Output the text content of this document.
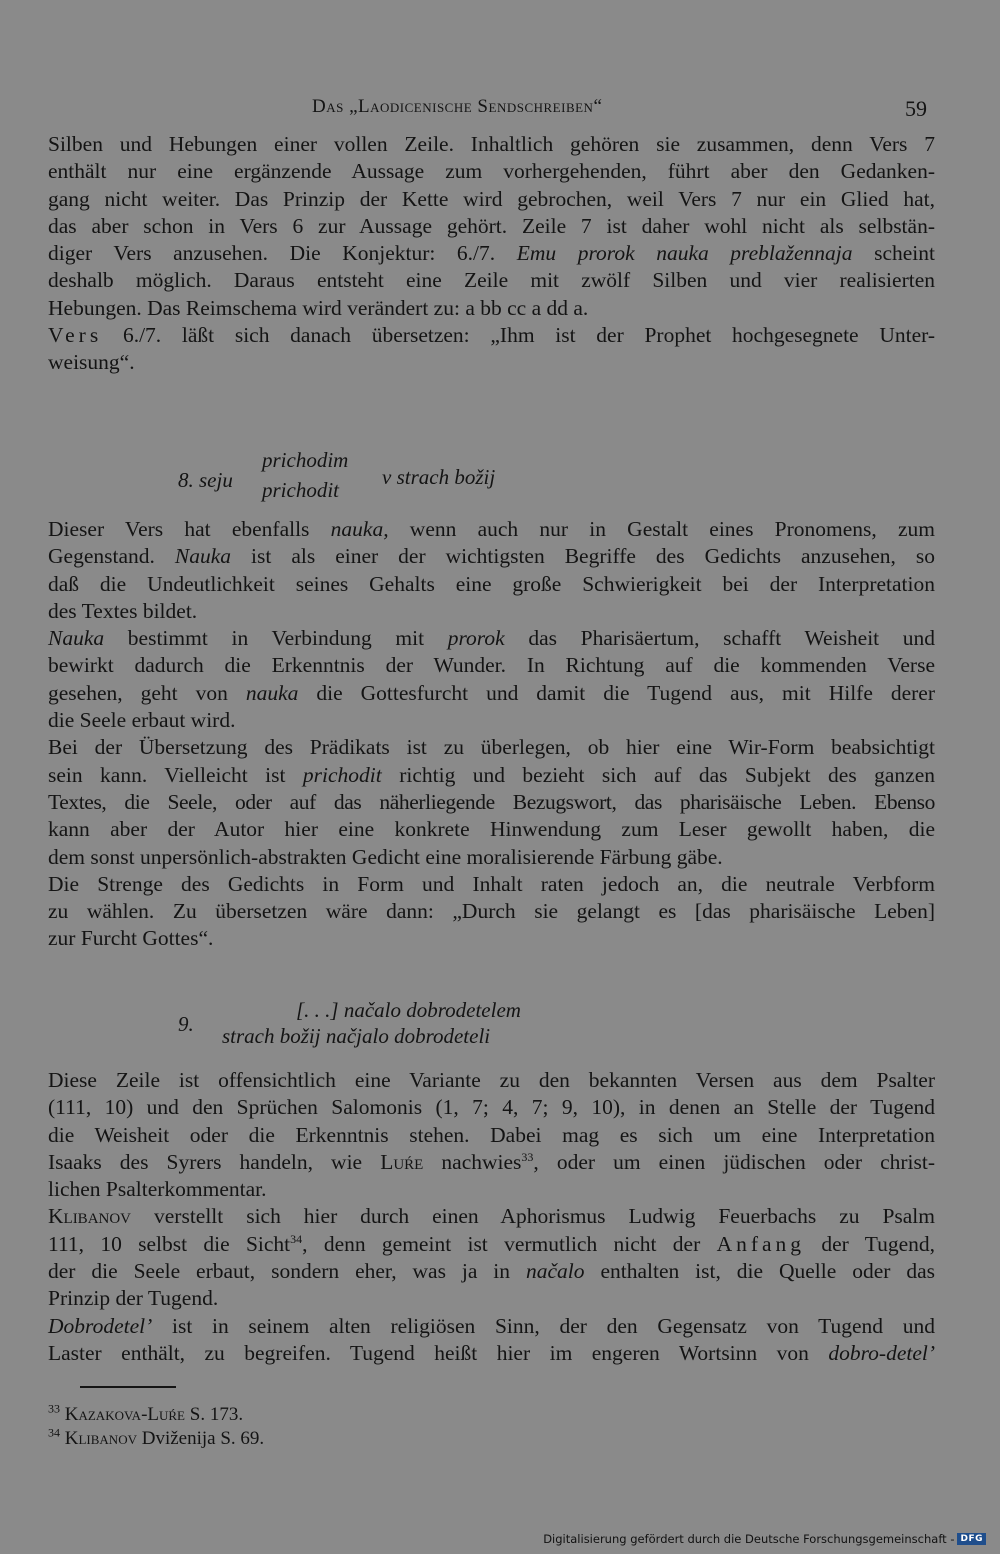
Das „Laodicenische Sendschreiben“	59
Silben und Hebungen einer vollen Zeile. Inhaltlich gehören sie zusammen, denn Vers 7
enthält nur eine ergänzende Aussage zum vorhergehenden, führt aber den Gedanken-
gang nicht weiter. Das Prinzip der Kette wird gebrochen, weil Vers 7 nur ein Glied hat,
das aber schon in Vers 6 zur Aussage gehört. Zeile 7 ist daher wohl nicht als selbstän-
diger Vers anzusehen. Die Konjektur: 6./7. Emu prorok nauka preblažennaja scheint
deshalb möglich. Daraus entsteht eine Zeile mit zwölf Silben und vier realisierten
Hebungen. Das Reimschema wird verändert zu: a bb cc a dd a.
Vers 6./7. läßt sich danach übersetzen: „Ihm ist der Prophet hochgesegnete Unter-
weisung“.
8. seju
prichodim
prichodit
v strach božij
Dieser Vers hat ebenfalls nauka, wenn auch nur in Gestalt eines Pronomens, zum
Gegenstand. Nauka ist als einer der wichtigsten Begriffe des Gedichts anzusehen, so
daß die Undeutlichkeit seines Gehalts eine große Schwierigkeit bei der Interpretation
des Textes bildet.
Nauka bestimmt in Verbindung mit prorok das Pharisäertum, schafft Weisheit und
bewirkt dadurch die Erkenntnis der Wunder. In Richtung auf die kommenden Verse
gesehen, geht von nauka die Gottesfurcht und damit die Tugend aus, mit Hilfe derer
die Seele erbaut wird.
Bei der Übersetzung des Prädikats ist zu überlegen, ob hier eine Wir-Form beabsichtigt
sein kann. Vielleicht ist prichodit richtig und bezieht sich auf das Subjekt des ganzen
Textes, die Seele, oder auf das näherliegende Bezugswort, das pharisäische Leben. Ebenso
kann aber der Autor hier eine konkrete Hinwendung zum Leser gewollt haben, die
dem sonst unpersönlich-abstrakten Gedicht eine moralisierende Färbung gäbe.
Die Strenge des Gedichts in Form und Inhalt raten jedoch an, die neutrale Verbform
zu wählen. Zu übersetzen wäre dann: „Durch sie gelangt es [das pharisäische Leben]
zur Furcht Gottes“.
9.
[. . .] načalo dobrodetelem
strach božij načjalo dobrodeteli
Diese Zeile ist offensichtlich eine Variante zu den bekannten Versen aus dem Psalter
(111, 10) und den Sprüchen Salomonis (1, 7; 4, 7; 9, 10), in denen an Stelle der Tugend
die Weisheit oder die Erkenntnis stehen. Dabei mag es sich um eine Interpretation
Isaaks des Syrers handeln, wie Luŕe nachwies$^{33}$, oder um einen jüdischen oder christ-
lichen Psalterkommentar.
Klibanov verstellt sich hier durch einen Aphorismus Ludwig Feuerbachs zu Psalm
111, 10 selbst die Sicht$^{34}$, denn gemeint ist vermutlich nicht der Anfang der Tugend,
der die Seele erbaut, sondern eher, was ja in načalo enthalten ist, die Quelle oder das
Prinzip der Tugend.
Dobrodetel’ ist in seinem alten religiösen Sinn, der den Gegensatz von Tugend und
Laster enthält, zu begreifen. Tugend heißt hier im engeren Wortsinn von dobro-detel’
$^{33}$ Kazakova-Luŕe S. 173.
$^{34}$ Klibanov Dviženija S. 69.
Digitalisierung gefördert durch die Deutsche Forschungsgemeinschaft - DFG
